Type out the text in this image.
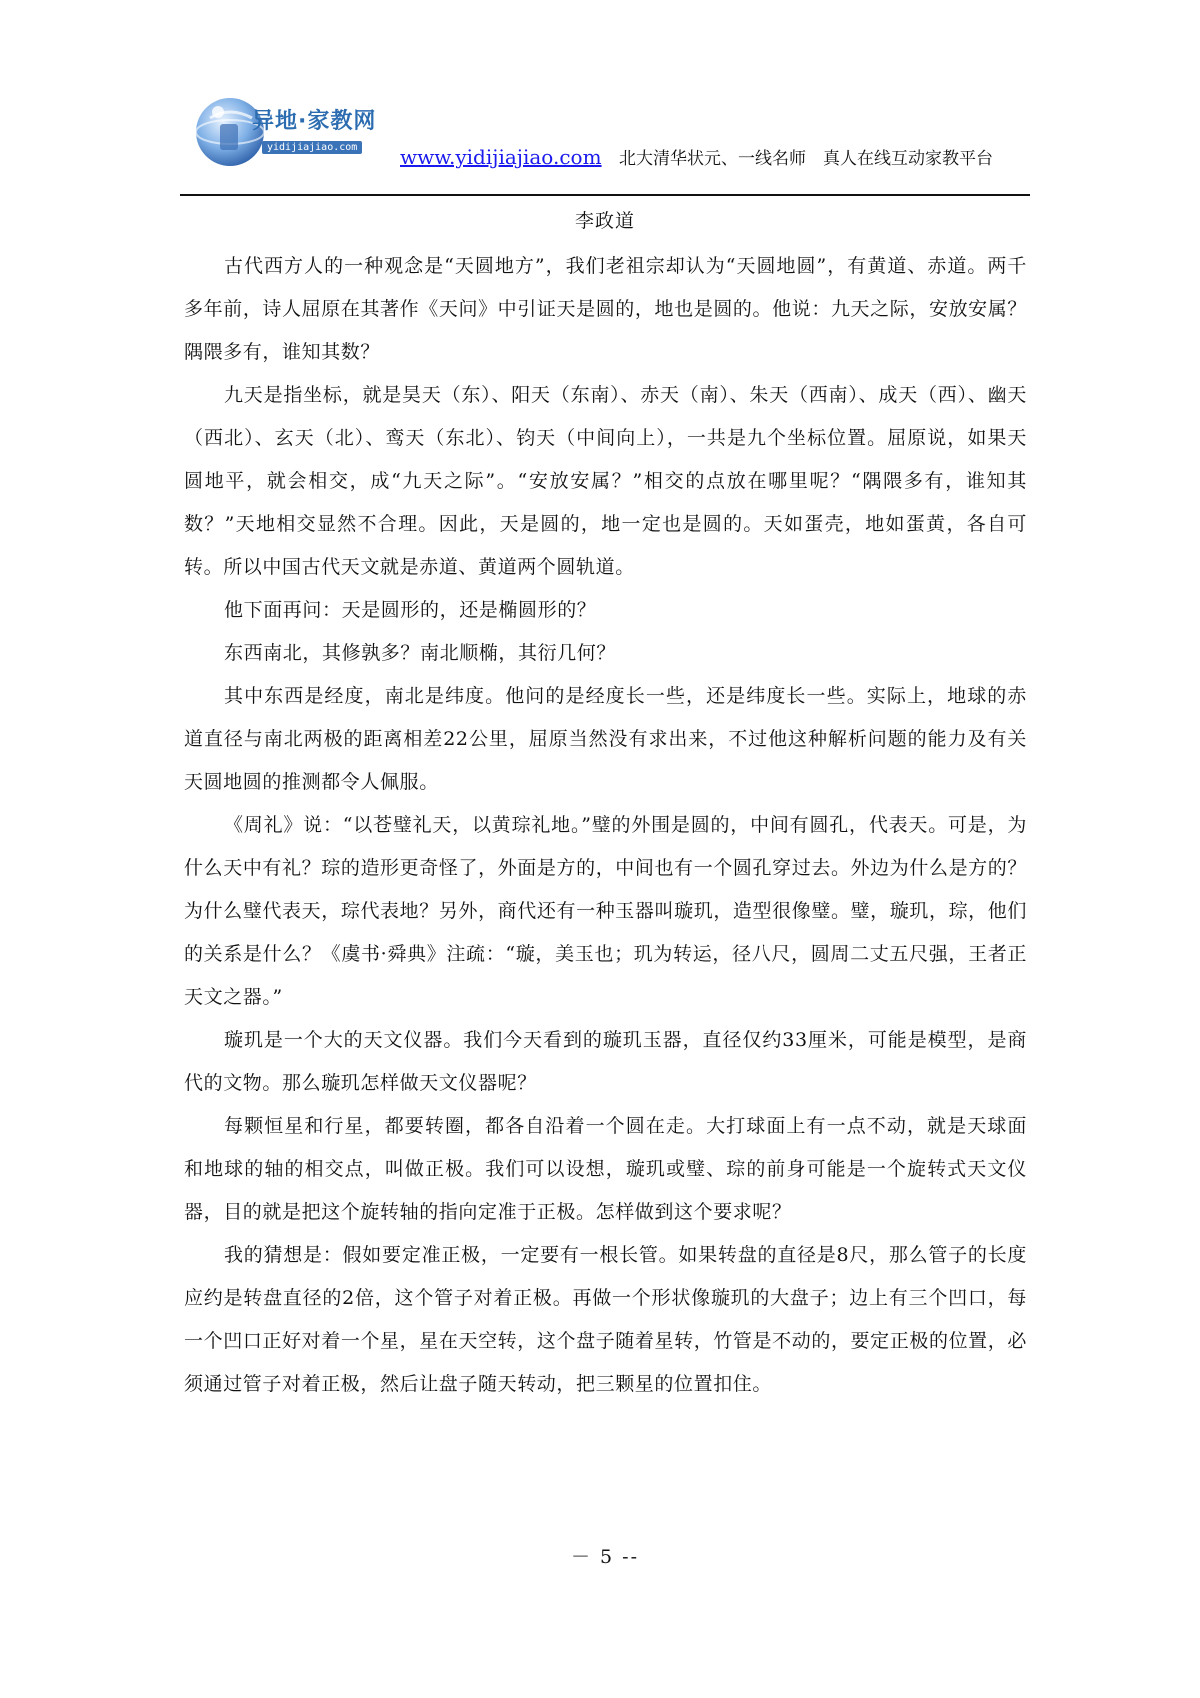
异地·家教网
yidijiajiao.com www.yidijiajiao.com 北大清华状元、一线名师　真人在线互动家教平台
李政道

古代西方人的一种观念是“天圆地方”，我们老祖宗却认为“天圆地圆”，有黄道、赤道。两千多年前，诗人屈原在其著作《天问》中引证天是圆的，地也是圆的。他说：九天之际，安放安属？隅隈多有，谁知其数？

九天是指坐标，就是昊天（东）、阳天（东南）、赤天（南）、朱天（西南）、成天（西）、幽天（西北）、玄天（北）、鸾天（东北）、钧天（中间向上），一共是九个坐标位置。屈原说，如果天圆地平，就会相交，成“九天之际”。“安放安属？”相交的点放在哪里呢？“隅隈多有，谁知其数？”天地相交显然不合理。因此，天是圆的，地一定也是圆的。天如蛋壳，地如蛋黄，各自可转。所以中国古代天文就是赤道、黄道两个圆轨道。

他下面再问：天是圆形的，还是椭圆形的？

东西南北，其修孰多？南北顺椭，其衍几何？

其中东西是经度，南北是纬度。他问的是经度长一些，还是纬度长一些。实际上，地球的赤道直径与南北两极的距离相差22公里，屈原当然没有求出来，不过他这种解析问题的能力及有关天圆地圆的推测都令人佩服。

《周礼》说：“以苍璧礼天，以黄琮礼地。”璧的外围是圆的，中间有圆孔，代表天。可是，为什么天中有礼？琮的造形更奇怪了，外面是方的，中间也有一个圆孔穿过去。外边为什么是方的？为什么璧代表天，琮代表地？另外，商代还有一种玉器叫璇玑，造型很像璧。璧，璇玑，琮，他们的关系是什么？《虞书·舜典》注疏：“璇，美玉也；玑为转运，径八尺，圆周二丈五尺强，王者正天文之器。”

璇玑是一个大的天文仪器。我们今天看到的璇玑玉器，直径仅约33厘米，可能是模型，是商代的文物。那么璇玑怎样做天文仪器呢？

每颗恒星和行星，都要转圈，都各自沿着一个圆在走。大打球面上有一点不动，就是天球面和地球的轴的相交点，叫做正极。我们可以设想，璇玑或璧、琮的前身可能是一个旋转式天文仪器，目的就是把这个旋转轴的指向定准于正极。怎样做到这个要求呢？

我的猜想是：假如要定准正极，一定要有一根长管。如果转盘的直径是8尺，那么管子的长度应约是转盘直径的2倍，这个管子对着正极。再做一个形状像璇玑的大盘子；边上有三个凹口，每一个凹口正好对着一个星，星在天空转，这个盘子随着星转，竹管是不动的，要定正极的位置，必须通过管子对着正极，然后让盘子随天转动，把三颗星的位置扣住。

－ 5 --
